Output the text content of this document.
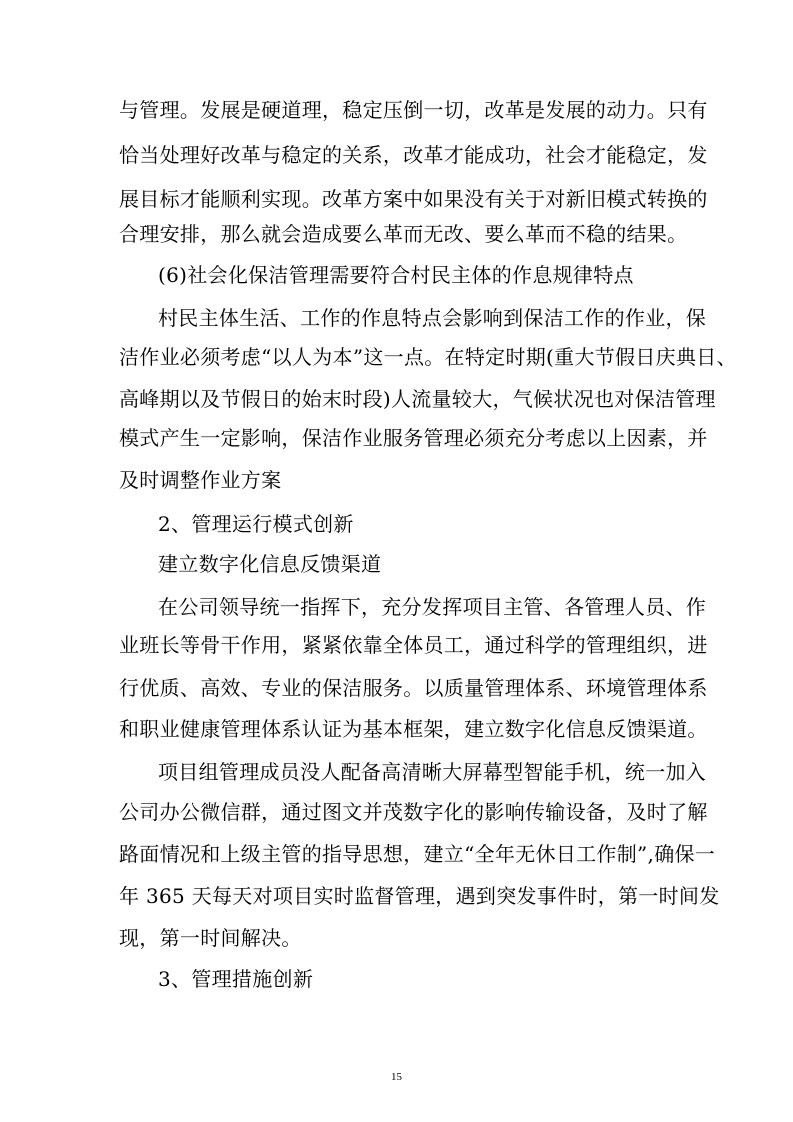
与管理。发展是硬道理，稳定压倒一切，改革是发展的动力。只有
恰当处理好改革与稳定的关系，改革才能成功，社会才能稳定，发
展目标才能顺利实现。改革方案中如果没有关于对新旧模式转换的
合理安排，那么就会造成要么革而无改、要么革而不稳的结果。
(6)社会化保洁管理需要符合村民主体的作息规律特点
村民主体生活、工作的作息特点会影响到保洁工作的作业，保
洁作业必须考虑“以人为本”这一点。在特定时期(重大节假日庆典日、
高峰期以及节假日的始末时段)人流量较大，气候状况也对保洁管理
模式产生一定影响，保洁作业服务管理必须充分考虑以上因素，并
及时调整作业方案
2、管理运行模式创新
建立数字化信息反馈渠道
在公司领导统一指挥下，充分发挥项目主管、各管理人员、作
业班长等骨干作用，紧紧依靠全体员工，通过科学的管理组织，进
行优质、高效、专业的保洁服务。以质量管理体系、环境管理体系
和职业健康管理体系认证为基本框架，建立数字化信息反馈渠道。
项目组管理成员没人配备高清晰大屏幕型智能手机，统一加入
公司办公微信群，通过图文并茂数字化的影响传输设备，及时了解
路面情况和上级主管的指导思想，建立“全年无休日工作制”,确保一
年 365 天每天对项目实时监督管理，遇到突发事件时，第一时间发
现，第一时间解决。
3、管理措施创新
15
